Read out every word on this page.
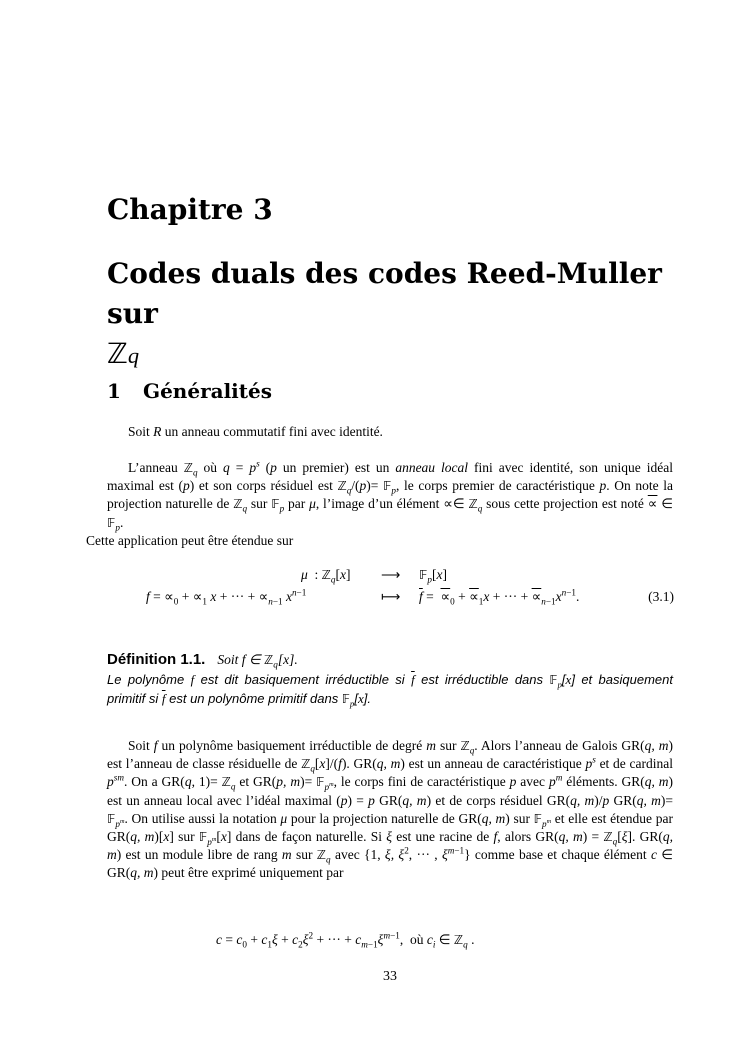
Chapitre 3
Codes duals des codes Reed-Muller sur
ℤq
1 Généralités

Soit R un anneau commutatif fini avec identité.

L’anneau ℤ$_q$ où $q = p^s$ (p un premier) est un anneau local fini avec identité, son unique idéal maximal est (p) et son corps résiduel est ℤ$_q$/(p)= 𝔽$_p$, le corps premier de caractéristique p. On note la projection naturelle de ℤ$_q$ sur 𝔽$_p$ par μ, l’image d’un élément ∝∈ ℤ$_q$ sous cette projection est noté ∝ ∈ 𝔽$_p$.
Cette application peut être étendue sur

μ  : ℤ$_q$[x] ⟶ 𝔽$_p$[x]
$f = \propto_0 + \propto_1$ x + ··· + $\propto_{n-1}$ $x^{n-1}$	⟼ $\overline{f} = \propto_0 + \propto_1x$ + ··· + $\propto_{n-1}x^{n-1}$.	(3.1)
Définition 1.1. Soit f ∈ ℤ$_q$[x].

Le polynôme f est dit basiquement irréductible si $\overline{f}$ est irréductible dans 𝔽$_p$[x] et basiquement primitif si $\overline{f}$ est un polynôme primitif dans 𝔽$_p$[x].

Soit f un polynôme basiquement irréductible de degré m sur ℤ$_q$. Alors l’anneau de Galois GR(q, m) est l’anneau de classe résiduelle de ℤ$_q$[x]/(f). GR(q, m) est un anneau de caractéristique $p^s$ et de cardinal $p^{sm}$. On a GR(q, 1)= ℤ$_q$ et GR(p, m)= 𝔽$_{p^m}$, le corps fini de caractéristique p avec $p^m$ éléments. GR(q, m) est un anneau local avec l’idéal maximal (p) = p GR(q, m) et de corps résiduel GR(q, m)/p GR(q, m)= 𝔽$_{p^m}$. On utilise aussi la notation μ pour la projection naturelle de GR(q, m) sur 𝔽$_{p^m}$ et elle est étendue par GR(q, m)[x] sur 𝔽$_{p^m}$[x] dans de façon naturelle. Si ξ est une racine de f, alors GR(q, m) = ℤ$_q$[ξ]. GR(q, m) est un module libre de rang m sur ℤ$_q$ avec {1, ξ, $\xi^2$, ··· , $\xi^{m-1}$} comme base et chaque élément c ∈ GR(q, m) peut être exprimé uniquement par

$c = c_0 + c_1\xi + c_2\xi^2$ + ··· + $c_{m-1}\xi^{m-1}$,  où $c_i$ ∈ ℤ$_q$ .
33
